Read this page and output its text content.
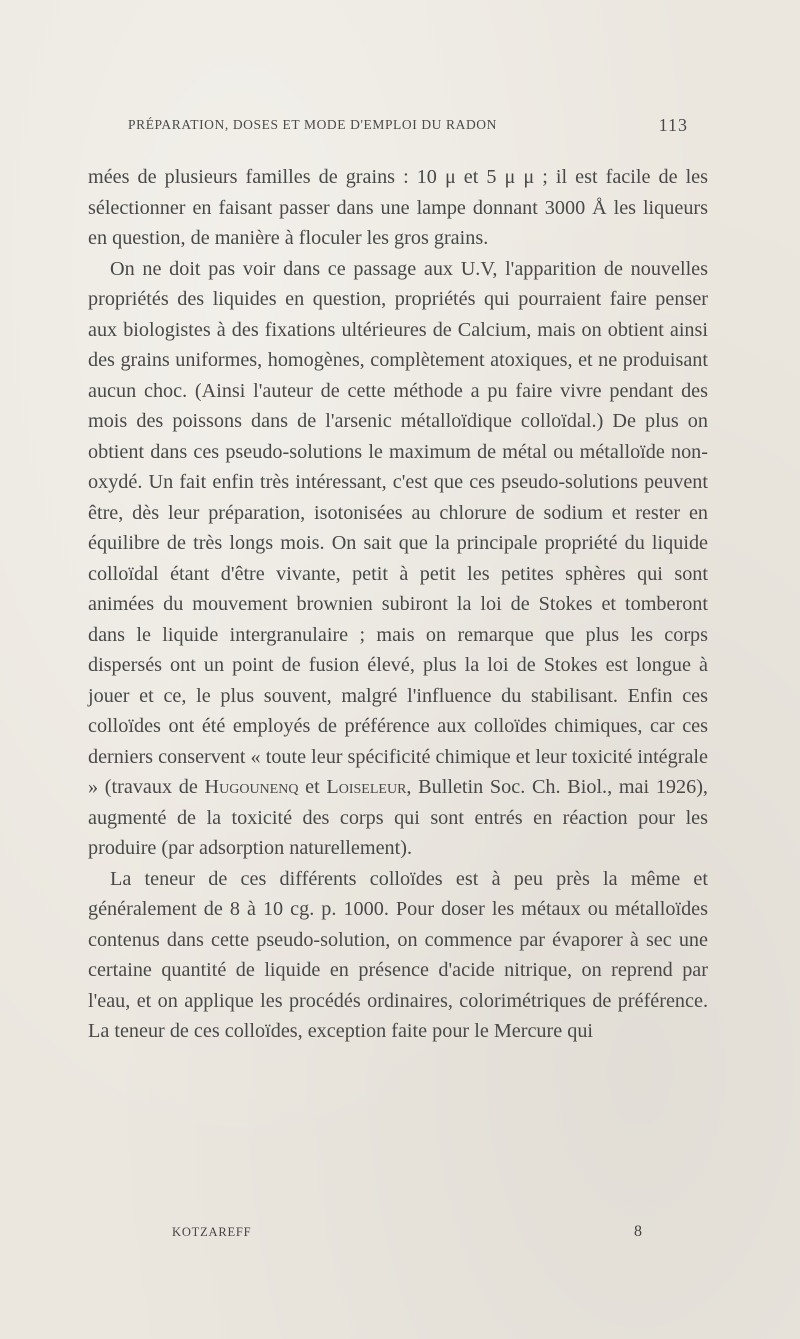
PRÉPARATION, DOSES ET MODE D'EMPLOI DU RADON	113

mées de plusieurs familles de grains : 10 μ et 5 μ μ ; il est facile de les sélectionner en faisant passer dans une lampe donnant 3000 Å les liqueurs en question, de manière à floculer les gros grains.

On ne doit pas voir dans ce passage aux U.V, l'apparition de nouvelles propriétés des liquides en question, propriétés qui pourraient faire penser aux biologistes à des fixations ultérieures de Calcium, mais on obtient ainsi des grains uniformes, homogènes, complètement atoxiques, et ne produisant aucun choc. (Ainsi l'auteur de cette méthode a pu faire vivre pendant des mois des poissons dans de l'arsenic métalloïdique colloïdal.) De plus on obtient dans ces pseudo-solutions le maximum de métal ou métalloïde non-oxydé. Un fait enfin très intéressant, c'est que ces pseudo-solutions peuvent être, dès leur préparation, isotonisées au chlorure de sodium et rester en équilibre de très longs mois. On sait que la principale propriété du liquide colloïdal étant d'être vivante, petit à petit les petites sphères qui sont animées du mouvement brownien subiront la loi de Stokes et tomberont dans le liquide intergranulaire ; mais on remarque que plus les corps dispersés ont un point de fusion élevé, plus la loi de Stokes est longue à jouer et ce, le plus souvent, malgré l'influence du stabilisant. Enfin ces colloïdes ont été employés de préférence aux colloïdes chimiques, car ces derniers conservent « toute leur spécificité chimique et leur toxicité intégrale » (travaux de Hugounenq et Loiseleur, Bulletin Soc. Ch. Biol., mai 1926), augmenté de la toxicité des corps qui sont entrés en réaction pour les produire (par adsorption naturellement).

La teneur de ces différents colloïdes est à peu près la même et généralement de 8 à 10 cg. p. 1000. Pour doser les métaux ou métalloïdes contenus dans cette pseudo-solution, on commence par évaporer à sec une certaine quantité de liquide en présence d'acide nitrique, on reprend par l'eau, et on applique les procédés ordinaires, colorimétriques de préférence. La teneur de ces colloïdes, exception faite pour le Mercure qui

KOTZAREFF	8
